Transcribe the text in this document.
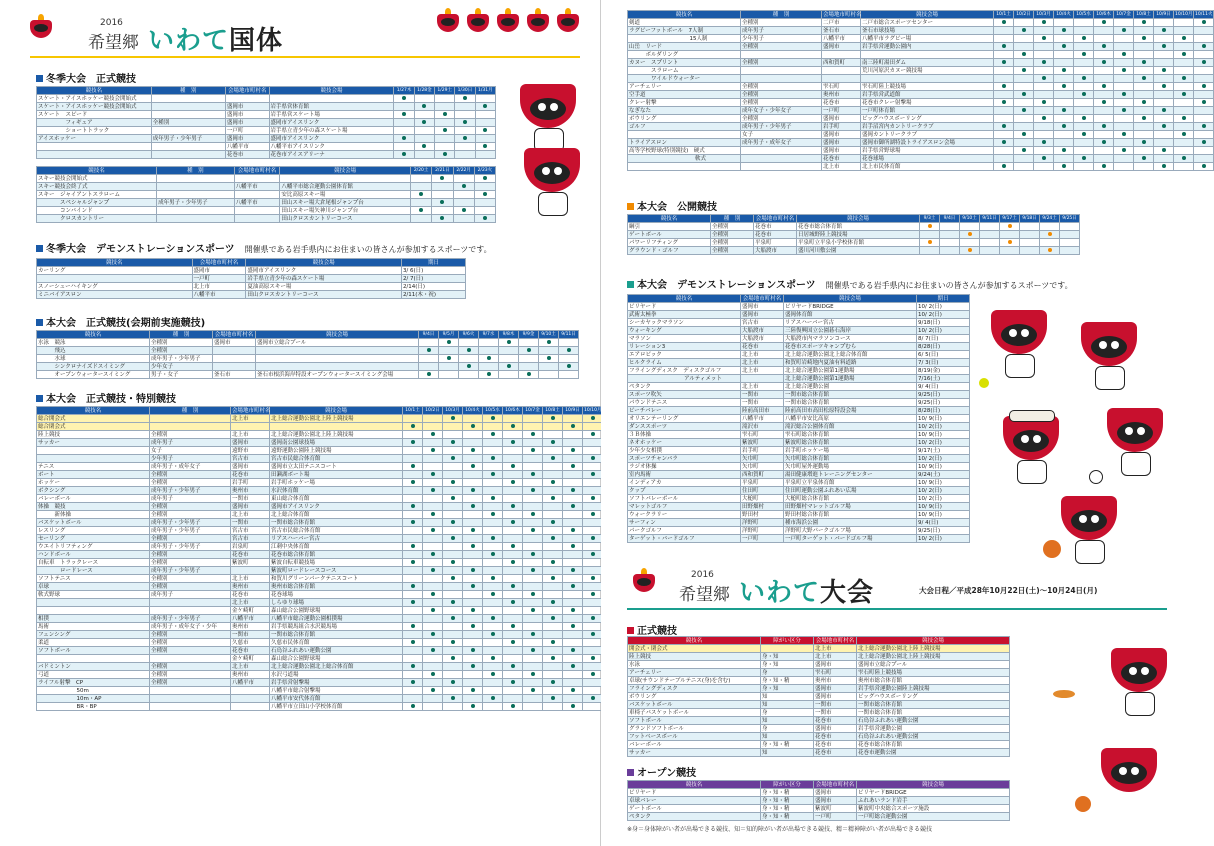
2016
希望郷 いわて国体
冬季大会　正式競技
競技名	種　別	会場地市町村名	競技会場	1/27木	1/28金	1/29土	1/30日	1/31月
スケート・アイスホッケー競技会開始式								
スケート・アイスホッケー競技会開始式		盛岡市	岩手県営体育館					
スケート　スピード		盛岡市	岩手県営スケート場					
　　　　　フィギュア	全種別	盛岡市	盛岡市アイスリンク					
　　　　　ショートトラック		一戸町	岩手県立青少年の森スケート場					
アイスホッケー	成年男子・少年男子	盛岡市	盛岡市アイスリンク					
		八幡平市	八幡平市アイスリンク					
		花巻市	花巻市アイスアリーナ					
競技名	種　別	会場地市町村名	競技会場	2/20土	2/21日	2/22月	2/23火
スキー競技会開始式							
スキー競技会終了式		八幡平市	八幡平市総合運動公園体育館				
スキー　ジャイアントスラローム			安比高原スキー場				
　　　　スペシャルジャンプ	成年男子・少年男子	八幡平市	田山スキー場大倉尾根ジャンプ台				
　　　　コンバインド			田山スキー場矢神川ジャンプ台				
　　　　クロスカントリー			田山クロスカントリーコース				
冬季大会　デモンストレーションスポーツ 開催県である岩手県内にお住まいの皆さんが参加するスポーツです。
競技名	会場地市町村名	競技会場	期日
カーリング	盛岡市	盛岡市アイスリンク	3/ 6(日)
	一戸町	岩手県立青少年の森スケート場	2/ 7(日)
スノーシューハイキング	北上市	夏油高原スキー場	2/14(日)
ミニバイアスロン	八幡平市	田山クロスカントリーコース	2/11(木・祝)
本大会　正式競技(会期前実施競技)
競技名	種　別	会場地市町村名	競技会場	9/4日	9/5月	9/6火	9/7水	9/8木	9/9金	9/10土	9/11日
水泳　競泳	全種別	盛岡市	盛岡市立総合プール								
　　　飛込	全種別										
　　　水球	成年男子・少年男子										
　　　シンクロナイズドスイミング	少年女子										
　　　オープンウォータースイミング	男子・女子	釜石市	釜石市根浜海岸特設オープンウォータースイミング会場								
本大会　正式競技・特別競技
競技名	種　別	会場地市町村名	競技会場	10/1土	10/2日	10/3月	10/4火	10/5水	10/6木	10/7金	10/8土	10/9日	10/10月	
総合開会式		北上市	北上総合運動公園北上陸上競技場											
総合閉会式														
陸上競技	全種別	北上市	北上総合運動公園北上陸上競技場											
サッカー	成年男子	盛岡市	盛岡南公園球技場											
	女子	遠野市	遠野運動公園陸上競技場											
	少年男子	宮古市	宮古市民総合体育館											
テニス	成年男子・成年女子	盛岡市	盛岡市立太田テニスコート											
ボート	全種別	花巻市	田瀬湖ボート場											
ホッケー	全種別	岩手町	岩手町ホッケー場											
ボクシング	成年男子・少年男子	奥州市	水沢体育館											
バレーボール	成年男子	一関市	東山総合体育館											
体操　競技	全種別	盛岡市	盛岡市アイスリンク											
　　　新体操	全種別	北上市	北上総合体育館											
バスケットボール	成年男子・少年男子	一関市	一関市総合体育館											
レスリング	成年男子・少年男子	宮古市	宮古市民総合体育館											
セーリング	全種別	宮古市	リアスハーバー宮古											
ウエイトリフティング	成年男子・少年男子	岩泉町	江刺中央体育館											
ハンドボール	全種別	花巻市	花巻市総合体育館											
自転車　トラックレース	全種別	紫波町	紫波自転車競技場											
　　　　ロードレース	成年男子・少年男子		紫波町ロードレースコース											
ソフトテニス	全種別	北上市	和賀川グリーンパークテニスコート											
卓球	全種別	奥州市	奥州市総合体育館											
軟式野球	成年男子	花巻市	花巻球場											
		北上市	しらゆり球場											
		金ケ崎町	森山総合公園野球場											
相撲	成年男子・少年男子	八幡平市	八幡平市総合運動公園相撲場											
馬術	成年男子・成年女子・少年	奥州市	岩手県競馬組合水沢競馬場											
フェンシング	全種別	一関市	一関市総合体育館											
柔道	全種別	久慈市	久慈市民体育館											
ソフトボール	全種別	花巻市	石鳥谷ふれあい運動公園											
		金ケ崎町	森山総合公園野球場											
バドミントン	全種別	北上市	北上総合運動公園北上総合体育館											
弓道	全種別	奥州市	水沢弓道場											
ライフル射撃　CP	全種別	八幡平市	岩手県営射撃場											
　　　　　　　50m			八幡平市総合射撃場											
　　　　　　　10m・AP			八幡平市安代体育館											
　　　　　　　BR・BP			八幡平市立田山小学校体育館											
競技名	種　別	会場地市町村名	競技会場	10/1土	10/2日	10/3月	10/4火	10/5水	10/6木	10/7金	10/8土	10/9日	10/10月	10/11火
剣道	全種別	二戸市	二戸市総合スポーツセンター											
ラグビーフットボール　7人制	成年男子	釜石市	釜石市球技場											
　　　　　　　　　　　15人制	少年男子	八幡平市	八幡平市ラグビー場											
山岳　リード	全種別	盛岡市	岩手県営運動公園内											
　　　ボルダリング														
カヌー　スプリント	全種別	西和賀町	南三陸町湯田ダム											
　　　　スラローム			荒川河原沢カヌー競技場											
　　　　ワイルドウォーター														
アーチェリー	全種別	雫石町	雫石町陸上競技場											
空手道	全種別	奥州市	岩手県営武道館											
クレー射撃	全種別	花巻市	花巻市クレー射撃場											
なぎなた	成年女子・少年女子	一戸町	一戸町体育館											
ボウリング	全種別	盛岡市	ビッグハウスボーリング											
ゴルフ	成年男子・少年男子	岩手町	岩手沼宮内カントリークラブ											
	女子	盛岡市	盛岡カントリークラブ											
トライアスロン	成年男子・成年女子	盛岡市	盛岡市御所湖特設トライアスロン会場											
高等学校野球(特別競技)　硬式		盛岡市	岩手県営野球場											
　　　　　　　　　　　　軟式		花巻市	花巻球場											
		北上市	北上市民体育館											
本大会　公開競技
競技名	種　別	会場地市町村名	競技会場	9/3土	9/4日	9/10土	9/11日	9/17土	9/18日	9/24土	9/25日
綱引	全種別	花巻市	花巻市総合体育館								
ゲートボール	全種別	花巻市	日居城野陸上競技場								
パワーリフティング	全種別	平泉町	平泉町立平泉小学校体育館								
グラウンド・ゴルフ	全種別	大船渡市	盛川河川敷公園								
本大会　デモンストレーションスポーツ 開催県である岩手県内にお住まいの皆さんが参加するスポーツです。
競技名	会場地市町村名	競技会場	期日
ビリヤード	盛岡市	ビリヤードBRIDGE	10/ 2(日)
武術太極拳	盛岡市	盛岡体育館	10/ 2(日)
シーカヤックマラソン	宮古市	リアスハーバー宮古	9/18(日)
ウォーキング	大船渡市	三陸復興国立公園碁石海岸	10/ 2(日)
マラソン	大船渡市	大船渡市内マラソンコース	8/ 7(日)
リレーション3	花巻市	花巻市スポーツキャンプむら	8/28(日)
エアロビック	北上市	北上総合運動公園北上総合体育館	6/ 5(日)
ヒルクライム	北上市	和賀町岩崎地内夏油有料道路	7/ 3(日)
フライングディスク　ディスクゴルフ	北上市	北上総合運動公園第1運動場	8/19(金)
　　　　　　　　　　アルティメット		北上総合運動公園第1運動場	7/16(土)
ペタンク	北上市	北上総合運動公園	9/ 4(日)
スポーツ吹矢	一関市	一関市総合体育館	9/25(日)
パウンドテニス	一関市	一関市総合体育館	9/25(日)
ビーチバレー	陸前高田市	陸前高田市高田松原特設会場	8/28(日)
オリエンテーリング	八幡平市	八幡平市安比高原	10/ 9(日)
ダンススポーツ	滝沢市	滝沢総合公園体育館	10/ 2(日)
３Ｂ体操	雫石町	雫石町総合体育館	10/ 9(日)
ネオホッケー	紫波町	紫波町総合体育館	10/ 2(日)
少年少女相撲	岩手町	岩手町ホッケー場	9/17(土)
スポーツチャンバラ	矢巾町	矢巾町総合体育館	10/ 2(日)
ラジオ体操	矢巾町	矢巾町屋外運動場	10/ 9(日)
室内馬術	西和賀町	湯田健康増進トレーニングセンター	9/24(土)
インディアカ	平泉町	平泉町立平泉体育館	10/ 9(日)
クップ	住田町	住田町運動公園ふれあい広場	10/ 2(日)
ソフトバレーボール	大槌町	大槌町総合体育館	10/ 2(日)
マレットゴルフ	田野畑村	田野畑村マレットゴルフ場	10/ 9(日)
ウォークラリー	野田村	野田村総合体育館	10/ 9(日)
サーフィン	洋野町	種市海浜公園	9/ 4(日)
パークゴルフ	洋野町	洋野町大野パークゴルフ場	9/25(日)
ターゲット・バードゴルフ	一戸町	一戸町ターゲット・バードゴルフ場	10/ 2(日)
2016
希望郷 いわて大会	大会日程／平成28年10月22日(土)～10月24日(月)
正式競技
競技名	障がい区分	会場地市町村名	競技会場
開会式・閉会式		北上市	北上総合運動公園北上陸上競技場
陸上競技	身・知	北上市	北上総合運動公園北上陸上競技場
水泳	身・知	盛岡市	盛岡市立総合プール
アーチェリー	身	雫石町	雫石町陸上競技場
卓球(サウンドテーブルテニス(身)を含む)	身・知・精	奥州市	奥州市総合体育館
フライングディスク	身・知	盛岡市	岩手県営運動公園陸上競技場
ボウリング	知	盛岡市	ビッグハウスボーリング
バスケットボール	知	一関市	一関市総合体育館
車椅子バスケットボール	身	一関市	一関市総合体育館
ソフトボール	知	花巻市	石鳥谷ふれあい運動公園
グランドソフトボール	身	盛岡市	岩手県営運動公園
フットベースボール	知	花巻市	石鳥谷ふれあい運動公園
バレーボール	身・知・精	花巻市	花巻市総合体育館
サッカー	知	花巻市	花巻市運動公園
オープン競技
競技名	障がい区分	会場地市町村名	競技会場
ビリヤード	身・知・精	盛岡市	ビリヤードBRIDGE
卓球バレー	身・知・精	盛岡市	ふれあいランド岩手
ゲートボール	身・知・精	紫波町	紫波町中央総合スポーツ施設
ペタンク	身・知・精	一戸町	一戸町総合運動公園
※身＝身体障がい者が出場できる競技、知＝知的障がい者が出場できる競技、精＝精神障がい者が出場できる競技
